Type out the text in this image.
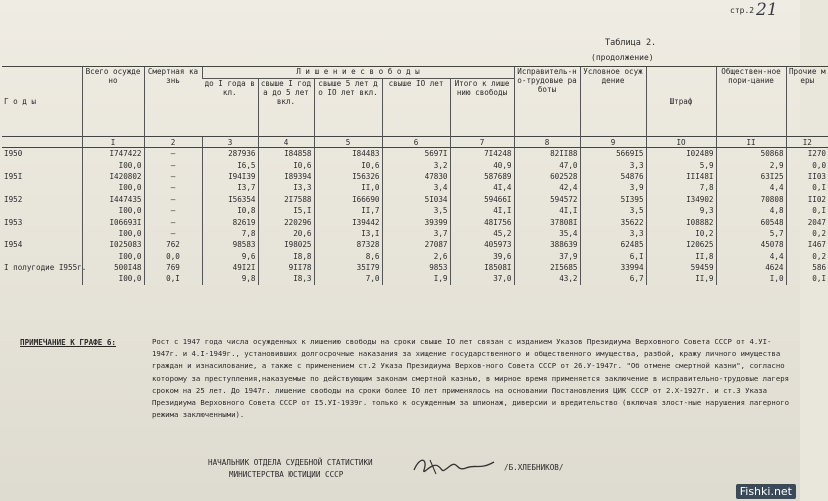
стр.2 21
Таблица 2.
(продолжение)
Г о д ы	Всего осуждено	Смертная казнь	Л и ш е н и е с в о б о д ы					Исправитель-но-трудовые работы	Условное осуждение	Штраф	Обществен-ное пори-цание	Прочие меры
			до I года вкл.	свыше I года до 5 лет вкл.	свыше 5 лет до IO лет вкл.	свыше IO лет	Итого к лишению свободы					
	I	2	3	4	5	6	7	8	9	IO	II	I2
I950	I747422	–	287936	I84858	I84483	5697I	7I4248	82II88	5669I5	I02489	50868	I270
	I00,0	–	I6,5	I0,6	I0,6	3,2	40,9	47,0	3,3	5,9	2,9	0,0
I95I	I420802	–	I94I39	I89394	I56326	47830	587689	602528	54876	III48I	63I25	II03
	I00,0	–	I3,7	I3,3	II,0	3,4	4I,4	42,4	3,9	7,8	4,4	0,I
I952	I447435	–	I56354	2I7588	I66690	5I034	59466I	594572	5I395	I34902	70808	II02
	I00,0	–	I0,8	I5,I	II,7	3,5	4I,I	4I,I	3,5	9,3	4,8	0,I
I953	I06693I	–	82619	220296	I39442	39399	48I756	37808I	35622	I08882	60548	2047
	I00,0	–	7,8	20,6	I3,I	3,7	45,2	35,4	3,3	I0,2	5,7	0,2
I954	I025083	762	98583	I98025	87328	27087	405973	388639	62485	I20625	45078	I467
	I00,0	0,0	9,6	I8,8	8,6	2,6	39,6	37,9	6,I	II,8	4,4	0,2
I полугодие I955г.	500I48	769	49I2I	9II78	35I79	9853	I8508I	2I5685	33994	59459	4624	586
	I00,0	0,I	9,8	I8,3	7,0	I,9	37,0	43,2	6,7	II,9	I,0	0,I
ПРИМЕЧАНИЕ К ГРАФЕ 6:	Рост с 1947 года числа осужденных к лишению свободы на сроки свыше IO лет связан с изданием Указов Президиума Верховного Совета СССР от 4.УI-1947г. и 4.I-1949г., установивших долгосрочные наказания за хищение государственного и общественного имущества, разбой, кражу личного имущества граждан и изнасилование, а также с применением ст.2 Указа Президиума Верхов-ного Совета СССР от 26.У-1947г. "Об отмене смертной казни", согласно которому за преступления,наказуемые по действующим законам смертной казнью, в мирное время применяется заключение в исправительно-трудовые лагеря сроком на 25 лет. До 1947г. лишение свободы на сроки более IO лет применялось на основании Постановления ЦИК СССР от 2.Х-1927г. и ст.3 Указа Президиума Верховного Совета СССР от I5.УI-1939г. только к осужденным за шпионаж, диверсии и вредительство (включая злост-ные нарушения лагерного режима заключенными).
НАЧАЛЬНИК ОТДЕЛА СУДЕБНОЙ СТАТИСТИКИ
МИНИСТЕРСТВА ЮСТИЦИИ СССР
/Б.ХЛЕБНИКОВ/
Fishki.net
